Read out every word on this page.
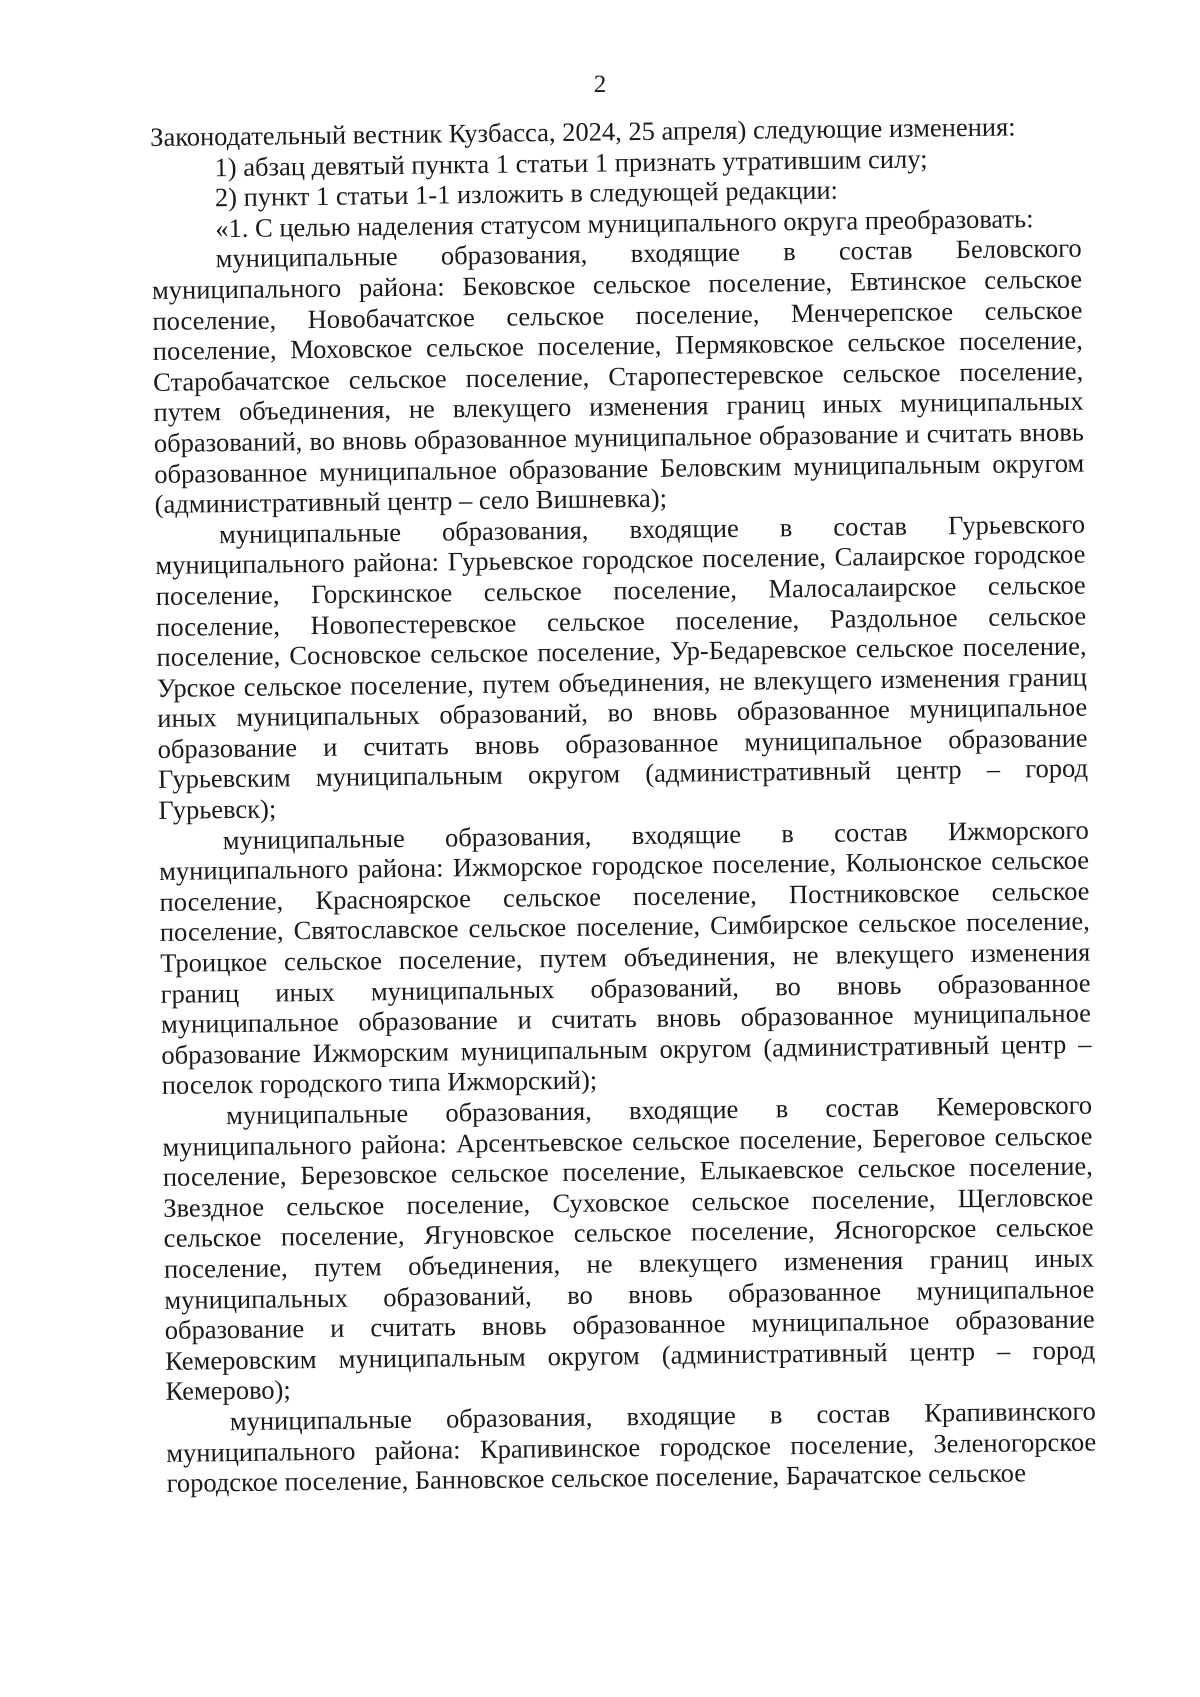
2

Законодательный вестник Кузбасса, 2024, 25 апреля) следующие изменения:

1) абзац девятый пункта 1 статьи 1 признать утратившим силу;

2) пункт 1 статьи 1-1 изложить в следующей редакции:

«1. С целью наделения статусом муниципального округа преобразовать:

муниципальные образования, входящие в состав Беловского муниципального района: Бековское сельское поселение, Евтинское сельское поселение, Новобачатское сельское поселение, Менчерепское сельское поселение, Моховское сельское поселение, Пермяковское сельское поселение, Старобачатское сельское поселение, Старопестеревское сельское поселение, путем объединения, не влекущего изменения границ иных муниципальных образований, во вновь образованное муниципальное образование и считать вновь образованное муниципальное образование Беловским муниципальным округом (административный центр – село Вишневка);

муниципальные образования, входящие в состав Гурьевского муниципального района: Гурьевское городское поселение, Салаирское городское поселение, Горскинское сельское поселение, Малосалаирское сельское поселение, Новопестеревское сельское поселение, Раздольное сельское поселение, Сосновское сельское поселение, Ур-Бедаревское сельское поселение, Урское сельское поселение, путем объединения, не влекущего изменения границ иных муниципальных образований, во вновь образованное муниципальное образование и считать вновь образованное муниципальное образование Гурьевским муниципальным округом (административный центр – город Гурьевск);

муниципальные образования, входящие в состав Ижморского муниципального района: Ижморское городское поселение, Колыонское сельское поселение, Красноярское сельское поселение, Постниковское сельское поселение, Святославское сельское поселение, Симбирское сельское поселение, Троицкое сельское поселение, путем объединения, не влекущего изменения границ иных муниципальных образований, во вновь образованное муниципальное образование и считать вновь образованное муниципальное образование Ижморским муниципальным округом (административный центр – поселок городского типа Ижморский);

муниципальные образования, входящие в состав Кемеровского муниципального района: Арсентьевское сельское поселение, Береговое сельское поселение, Березовское сельское поселение, Елыкаевское сельское поселение, Звездное сельское поселение, Суховское сельское поселение, Щегловское сельское поселение, Ягуновское сельское поселение, Ясногорское сельское поселение, путем объединения, не влекущего изменения границ иных муниципальных образований, во вновь образованное муниципальное образование и считать вновь образованное муниципальное образование Кемеровским муниципальным округом (административный центр – город Кемерово);

муниципальные образования, входящие в состав Крапивинского муниципального района: Крапивинское городское поселение, Зеленогорское городское поселение, Банновское сельское поселение, Барачатское сельское
